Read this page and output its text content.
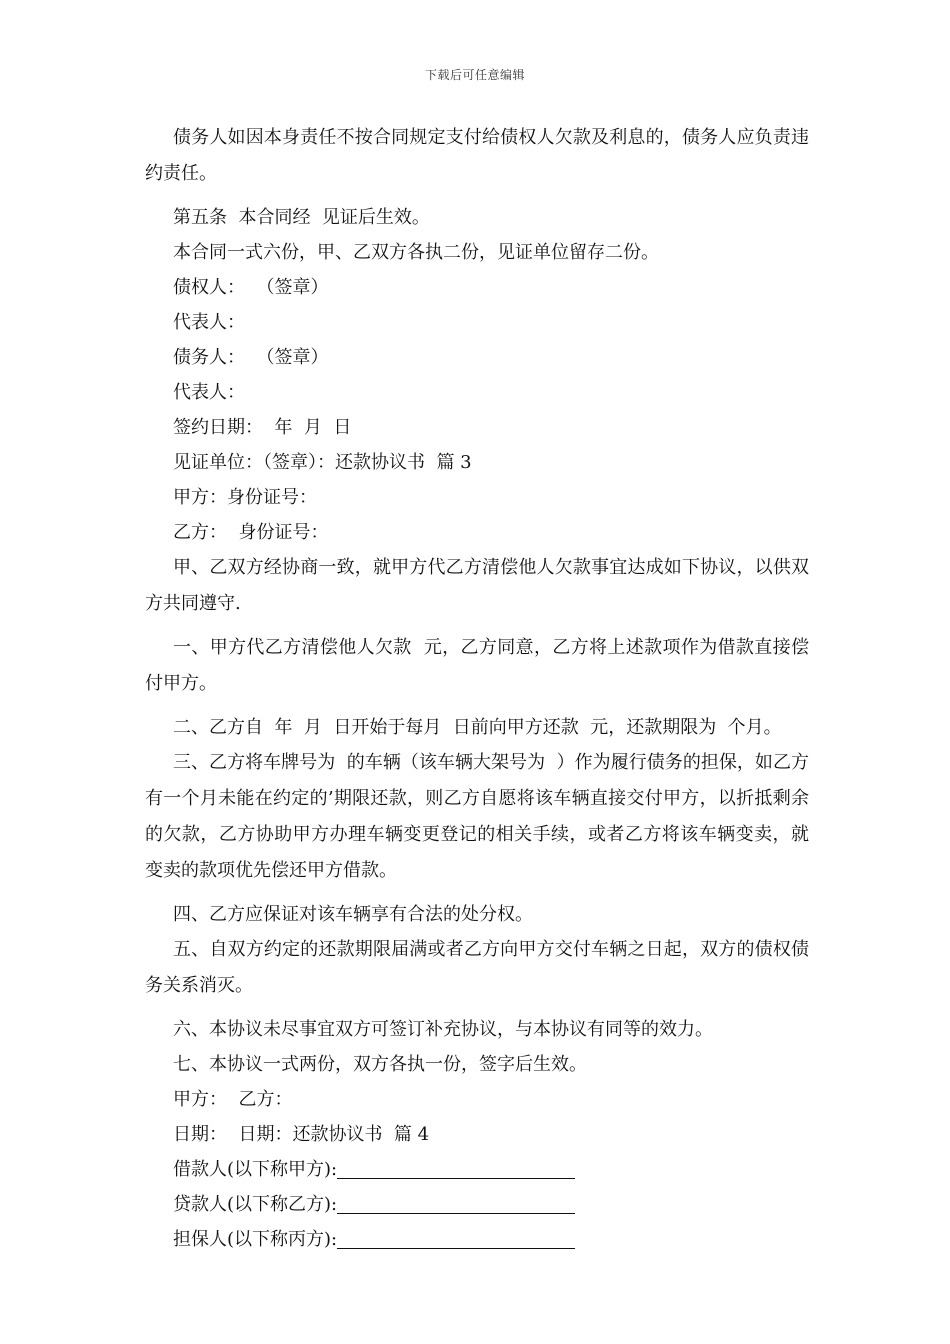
下载后可任意编辑

债务人如因本身责任不按合同规定支付给债权人欠款及利息的，债务人应负责违约责任。

第五条  本合同经  见证后生效。

本合同一式六份，甲、乙双方各执二份，见证单位留存二份。

债权人：  （签章）

代表人：

债务人：  （签章）

代表人：

签约日期：  年  月  日

见证单位：（签章）：还款协议书  篇 3

甲方：身份证号：

乙方：  身份证号：

甲、乙双方经协商一致，就甲方代乙方清偿他人欠款事宜达成如下协议，以供双方共同遵守.

一、甲方代乙方清偿他人欠款  元，乙方同意，乙方将上述款项作为借款直接偿付甲方。

二、乙方自  年  月  日开始于每月  日前向甲方还款  元，还款期限为  个月。

三、乙方将车牌号为  的车辆（该车辆大架号为  ）作为履行债务的担保，如乙方有一个月未能在约定的’期限还款，则乙方自愿将该车辆直接交付甲方，以折抵剩余的欠款，乙方协助甲方办理车辆变更登记的相关手续，或者乙方将该车辆变卖，就变卖的款项优先偿还甲方借款。

四、乙方应保证对该车辆享有合法的处分权。

五、自双方约定的还款期限届满或者乙方向甲方交付车辆之日起，双方的债权债务关系消灭。

六、本协议未尽事宜双方可签订补充协议，与本协议有同等的效力。

七、本协议一式两份，双方各执一份，签字后生效。

甲方：  乙方：

日期：  日期：还款协议书  篇 4

借款人(以下称甲方):

贷款人(以下称乙方):

担保人(以下称丙方):
